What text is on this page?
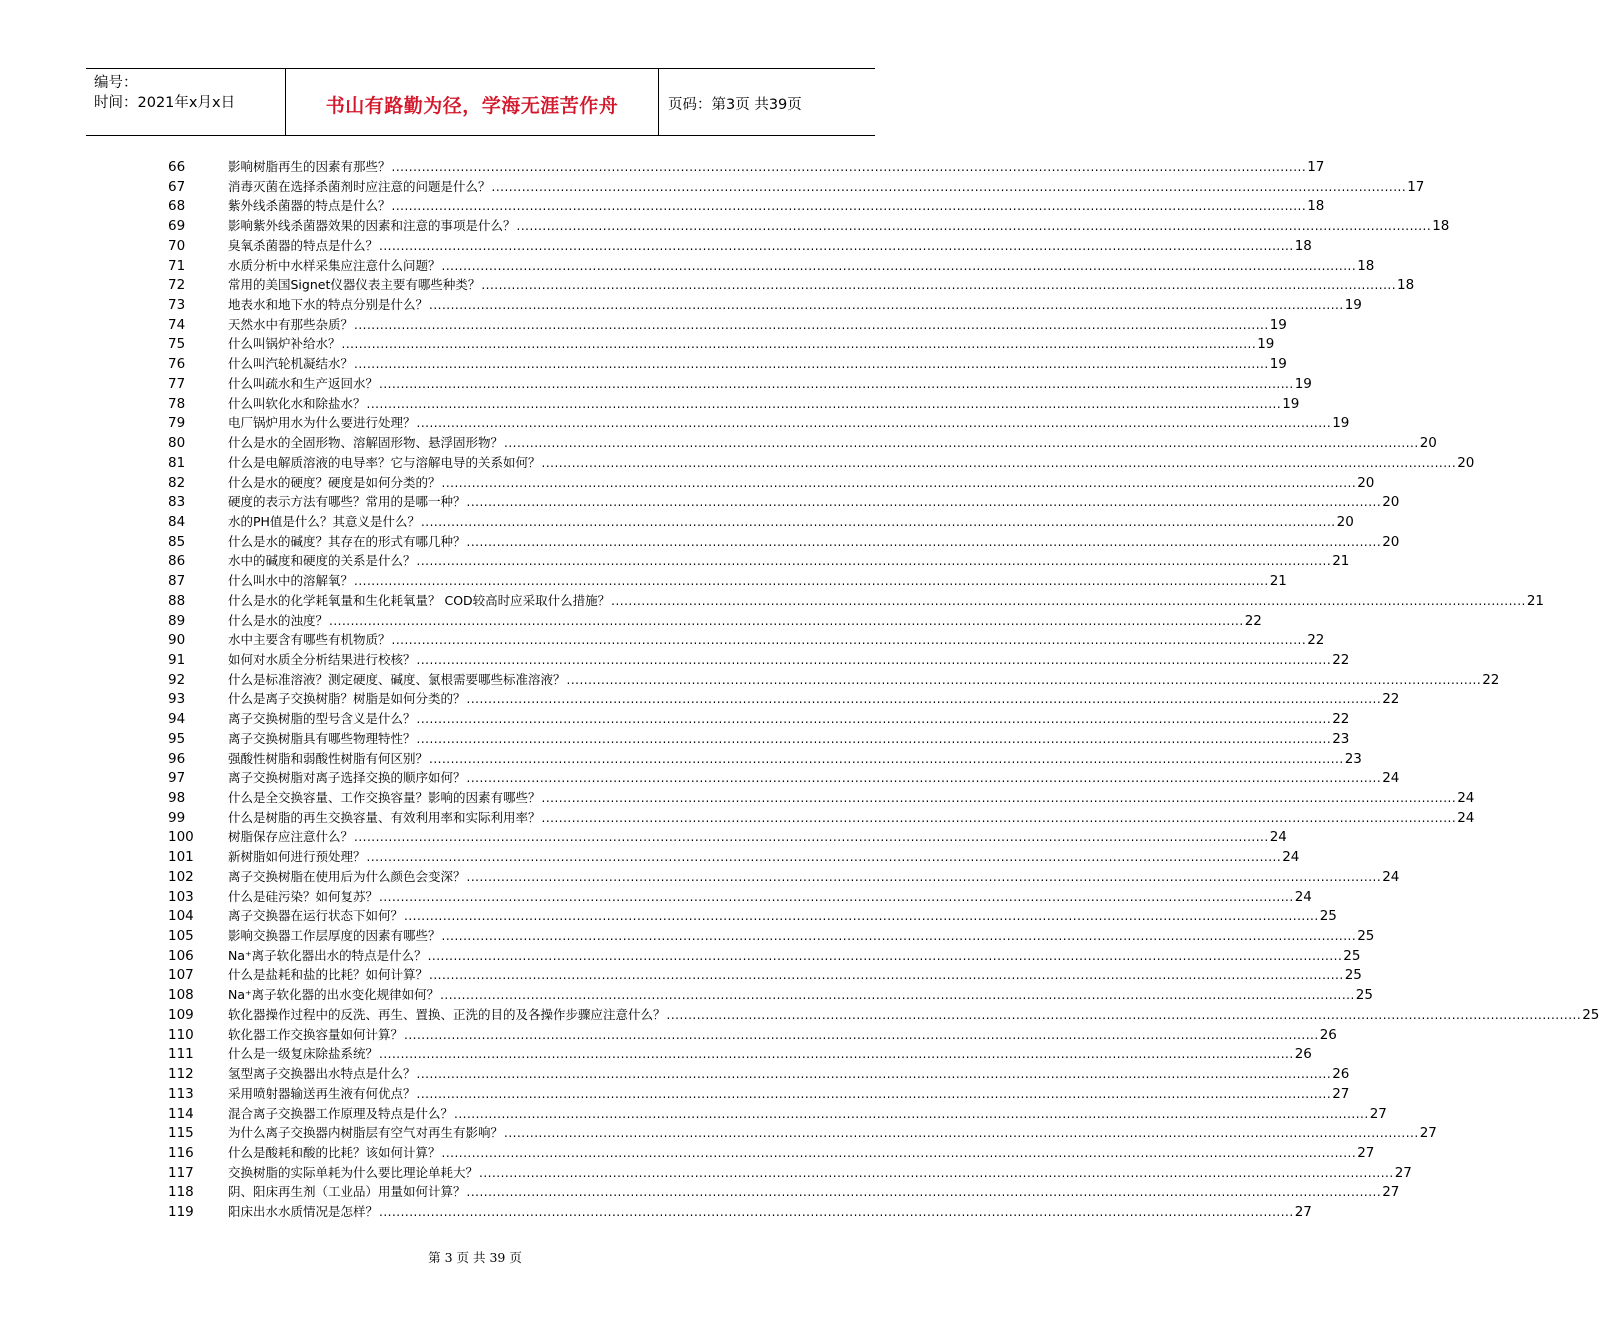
编号：
时间：2021年x月x日	书山有路勤为径，学海无涯苦作舟	页码：第3页 共39页
66	影响树脂再生的因素有那些？ .....	17
67	消毒灭菌在选择杀菌剂时应注意的问题是什么？ .....	17
68	紫外线杀菌器的特点是什么？ .....	18
69	影响紫外线杀菌器效果的因素和注意的事项是什么？ .....	18
70	臭氧杀菌器的特点是什么？ .....	18
71	水质分析中水样采集应注意什么问题？ .....	18
72	常用的美国Signet仪器仪表主要有哪些种类？ .....	18
73	地表水和地下水的特点分别是什么？ .....	19
74	天然水中有那些杂质？ .....	19
75	什么叫锅炉补给水？ .....	19
76	什么叫汽轮机凝结水？ .....	19
77	什么叫疏水和生产返回水？ .....	19
78	什么叫软化水和除盐水？ .....	19
79	电厂锅炉用水为什么要进行处理？ .....	19
80	什么是水的全固形物、溶解固形物、悬浮固形物？ .....	20
81	什么是电解质溶液的电导率？它与溶解电导的关系如何？ .....	20
82	什么是水的硬度？硬度是如何分类的？ .....	20
83	硬度的表示方法有哪些？常用的是哪一种？ .....	20
84	水的PH值是什么？其意义是什么？ .....	20
85	什么是水的碱度？其存在的形式有哪几种？ .....	20
86	水中的碱度和硬度的关系是什么？ .....	21
87	什么叫水中的溶解氧？ .....	21
88	什么是水的化学耗氧量和生化耗氧量？ COD较高时应采取什么措施？ .....	21
89	什么是水的浊度？ .....	22
90	水中主要含有哪些有机物质？ .....	22
91	如何对水质全分析结果进行校核？ .....	22
92	什么是标准溶液？测定硬度、碱度、氯根需要哪些标准溶液？ .....	22
93	什么是离子交换树脂？树脂是如何分类的？ .....	22
94	离子交换树脂的型号含义是什么？ .....	22
95	离子交换树脂具有哪些物理特性？ .....	23
96	强酸性树脂和弱酸性树脂有何区别？ .....	23
97	离子交换树脂对离子选择交换的顺序如何？ .....	24
98	什么是全交换容量、工作交换容量？影响的因素有哪些？ .....	24
99	什么是树脂的再生交换容量、有效利用率和实际利用率？ .....	24
100	树脂保存应注意什么？ .....	24
101	新树脂如何进行预处理？ .....	24
102	离子交换树脂在使用后为什么颜色会变深？ .....	24
103	什么是硅污染？如何复苏？ .....	24
104	离子交换器在运行状态下如何？ .....	25
105	影响交换器工作层厚度的因素有哪些？ .....	25
106	Na⁺离子软化器出水的特点是什么？ .....	25
107	什么是盐耗和盐的比耗？如何计算？ .....	25
108	Na⁺离子软化器的出水变化规律如何？ .....	25
109	软化器操作过程中的反洗、再生、置换、正洗的目的及各操作步骤应注意什么？ .....	25
110	软化器工作交换容量如何计算？ .....	26
111	什么是一级复床除盐系统？ .....	26
112	氢型离子交换器出水特点是什么？ .....	26
113	采用喷射器输送再生液有何优点？ .....	27
114	混合离子交换器工作原理及特点是什么？ .....	27
115	为什么离子交换器内树脂层有空气对再生有影响？ .....	27
116	什么是酸耗和酸的比耗？该如何计算？ .....	27
117	交换树脂的实际单耗为什么要比理论单耗大？ .....	27
118	阴、阳床再生剂（工业品）用量如何计算？ .....	27
119	阳床出水水质情况是怎样？ .....	27
第 3 页 共 39 页
